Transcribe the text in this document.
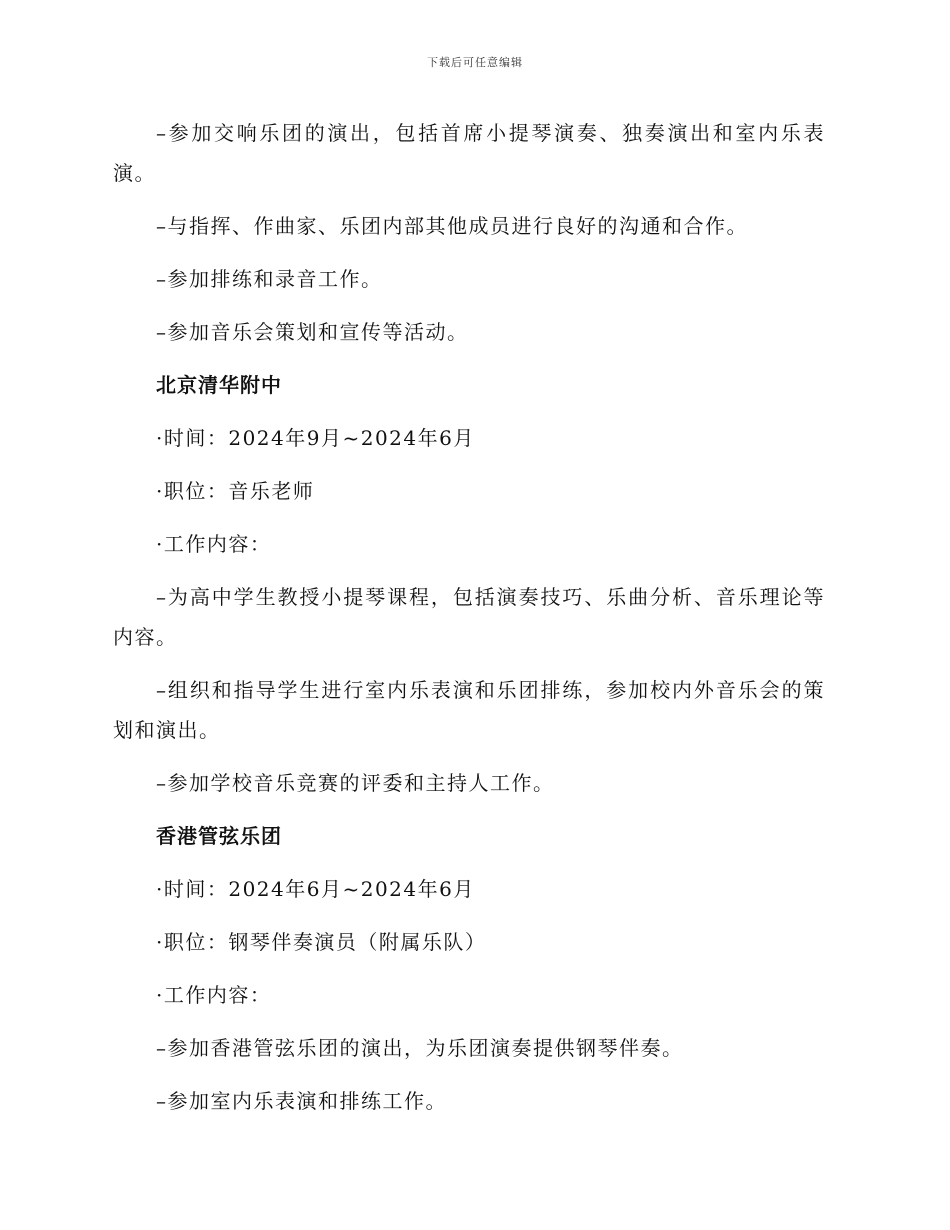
下载后可任意编辑

–参加交响乐团的演出，包括首席小提琴演奏、独奏演出和室内乐表演。

–与指挥、作曲家、乐团内部其他成员进行良好的沟通和合作。

–参加排练和录音工作。

–参加音乐会策划和宣传等活动。

北京清华附中

·时间：2024年9月~2024年6月

·职位：音乐老师

·工作内容：

–为高中学生教授小提琴课程，包括演奏技巧、乐曲分析、音乐理论等内容。

–组织和指导学生进行室内乐表演和乐团排练，参加校内外音乐会的策划和演出。

–参加学校音乐竞赛的评委和主持人工作。

香港管弦乐团

·时间：2024年6月~2024年6月

·职位：钢琴伴奏演员（附属乐队）

·工作内容：

–参加香港管弦乐团的演出，为乐团演奏提供钢琴伴奏。

–参加室内乐表演和排练工作。
